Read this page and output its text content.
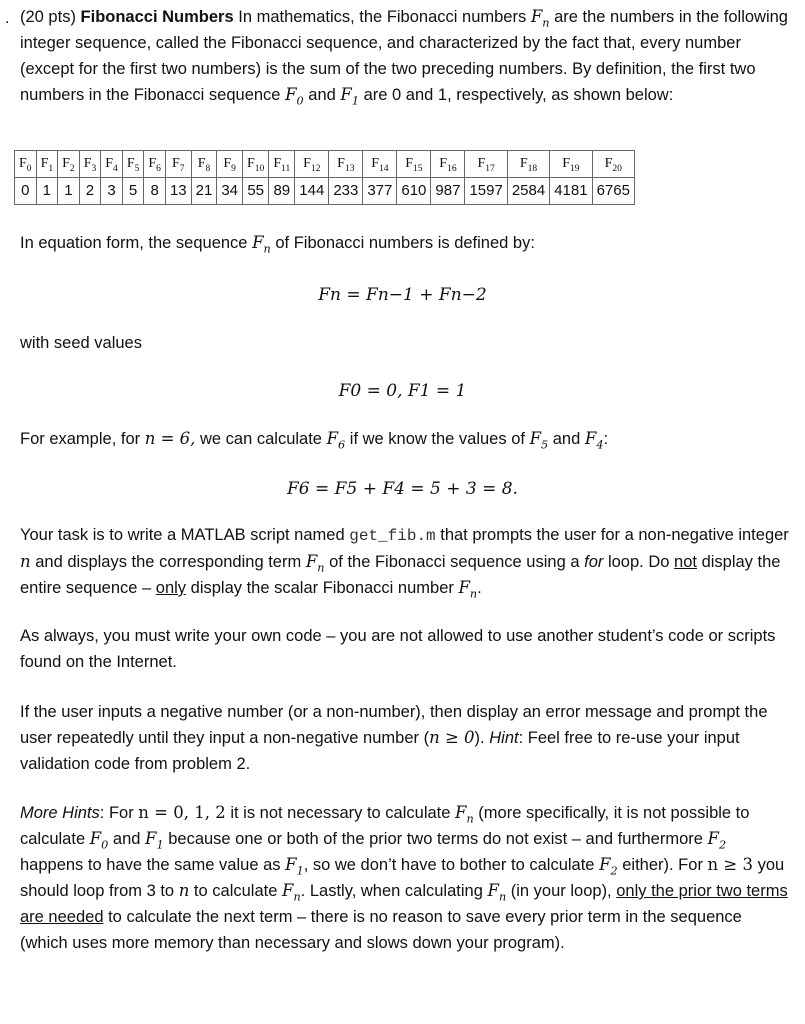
. (20 pts) Fibonacci Numbers In mathematics, the Fibonacci numbers $F_n$ are the numbers in the following integer sequence, called the Fibonacci sequence, and characterized by the fact that, every number (except for the first two numbers) is the sum of the two preceding numbers. By definition, the first two numbers in the Fibonacci sequence $F_0$ and $F_1$ are 0 and 1, respectively, as shown below:

$F_0$	$F_1$	$F_2$	$F_3$	$F_4$	$F_5$	$F_6$	$F_7$	$F_8$	$F_9$	$F_{10}$	$F_{11}$	$F_{12}$	$F_{13}$	$F_{14}$	$F_{15}$	$F_{16}$	$F_{17}$	$F_{18}$	$F_{19}$	$F_{20}$
0	1	1	2	3	5	8	13	21	34	55	89	144	233	377	610	987	1597	2584	4181	6765

In equation form, the sequence $F_n$ of Fibonacci numbers is defined by:

Fn = Fn−1 + Fn−2

with seed values

F0 = 0, F1 = 1

For example, for n = 6, we can calculate $F_6$ if we know the values of $F_5$ and $F_4$:

F6 = F5 + F4 = 5 + 3 = 8.

Your task is to write a MATLAB script named get_fib.m that prompts the user for a non-negative integer n and displays the corresponding term $F_n$ of the Fibonacci sequence using a for loop. Do not display the entire sequence – only display the scalar Fibonacci number $F_n$.

As always, you must write your own code – you are not allowed to use another student’s code or scripts found on the Internet.

If the user inputs a negative number (or a non-number), then display an error message and prompt the user repeatedly until they input a non-negative number (n ≥ 0). Hint: Feel free to re-use your input validation code from problem 2.

More Hints: For n = 0, 1, 2 it is not necessary to calculate $F_n$ (more specifically, it is not possible to calculate $F_0$ and $F_1$ because one or both of the prior two terms do not exist – and furthermore $F_2$ happens to have the same value as $F_1$, so we don’t have to bother to calculate $F_2$ either). For n ≥ 3 you should loop from 3 to n to calculate $F_n$. Lastly, when calculating $F_n$ (in your loop), only the prior two terms are needed to calculate the next term – there is no reason to save every prior term in the sequence (which uses more memory than necessary and slows down your program).
